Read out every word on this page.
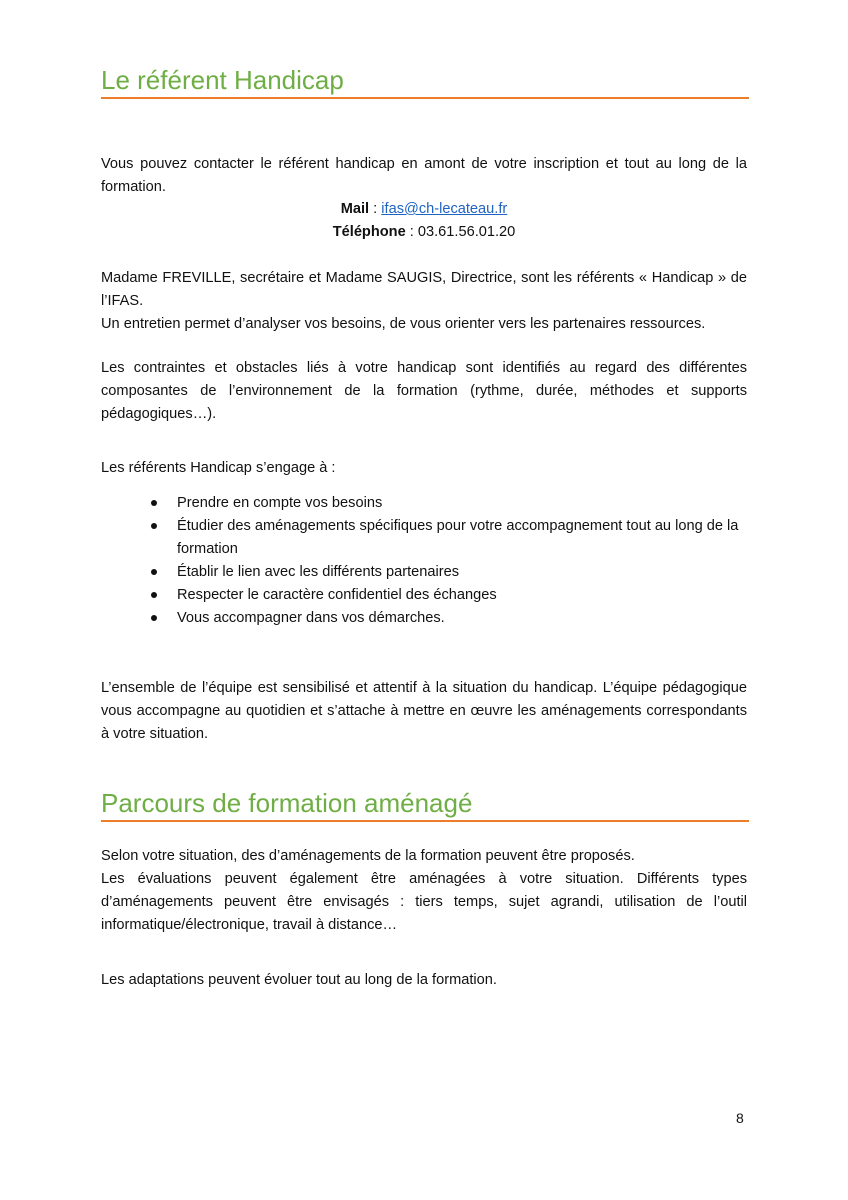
Le référent Handicap

Vous pouvez contacter le référent handicap en amont de votre inscription et tout au long de la formation.

Mail : ifas@ch-lecateau.fr

Téléphone : 03.61.56.01.20

Madame FREVILLE, secrétaire et Madame SAUGIS, Directrice, sont les référents « Handicap » de l’IFAS.

Un entretien permet d’analyser vos besoins, de vous orienter vers les partenaires ressources.

Les contraintes et obstacles liés à votre handicap sont identifiés au regard des différentes composantes de l’environnement de la formation (rythme, durée, méthodes et supports pédagogiques…).

Les référents Handicap s’engage à :

Prendre en compte vos besoins
Étudier des aménagements spécifiques pour votre accompagnement tout au long de la formation
Établir le lien avec les différents partenaires
Respecter le caractère confidentiel des échanges
Vous accompagner dans vos démarches.

L’ensemble de l’équipe est sensibilisé et attentif à la situation du handicap. L’équipe pédagogique vous accompagne au quotidien et s’attache à mettre en œuvre les aménagements correspondants à votre situation.

Parcours de formation aménagé

Selon votre situation, des d’aménagements de la formation peuvent être proposés.

Les évaluations peuvent également être aménagées à votre situation. Différents types d’aménagements peuvent être envisagés : tiers temps, sujet agrandi, utilisation de l’outil informatique/électronique, travail à distance…

Les adaptations peuvent évoluer tout au long de la formation.

8
